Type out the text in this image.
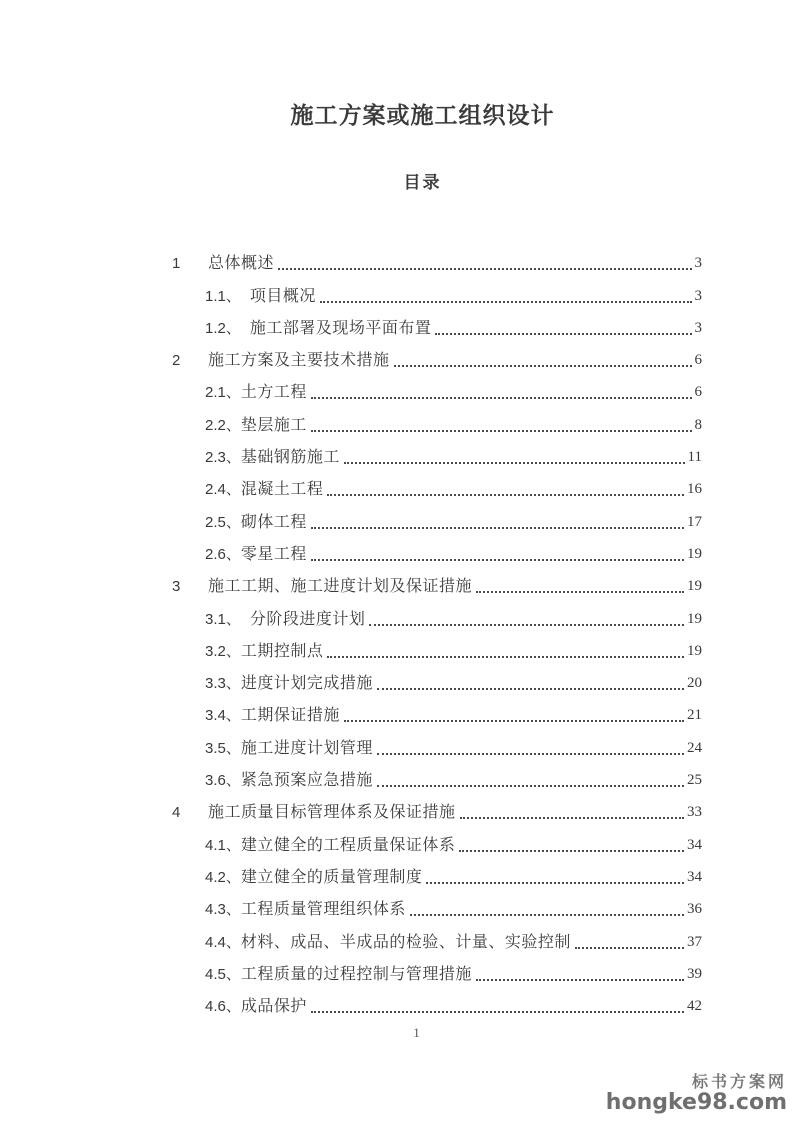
施工方案或施工组织设计
目录
1	总体概述	3
1.1、 项目概况	3
1.2、 施工部署及现场平面布置	3
2	施工方案及主要技术措施	6
2.1、 土方工程	6
2.2、 垫层施工	8
2.3、 基础钢筋施工	11
2.4、 混凝土工程	16
2.5、 砌体工程	17
2.6、 零星工程	19
3	施工工期、施工进度计划及保证措施	19
3.1、 分阶段进度计划	19
3.2、 工期控制点	19
3.3、 进度计划完成措施	20
3.4、 工期保证措施	21
3.5、 施工进度计划管理	24
3.6、 紧急预案应急措施	25
4	施工质量目标管理体系及保证措施	33
4.1、 建立健全的工程质量保证体系	34
4.2、 建立健全的质量管理制度	34
4.3、 工程质量管理组织体系	36
4.4、 材料、成品、半成品的检验、计量、实验控制	37
4.5、 工程质量的过程控制与管理措施	39
4.6、 成品保护	42
1
标书方案网
hongke98.com
